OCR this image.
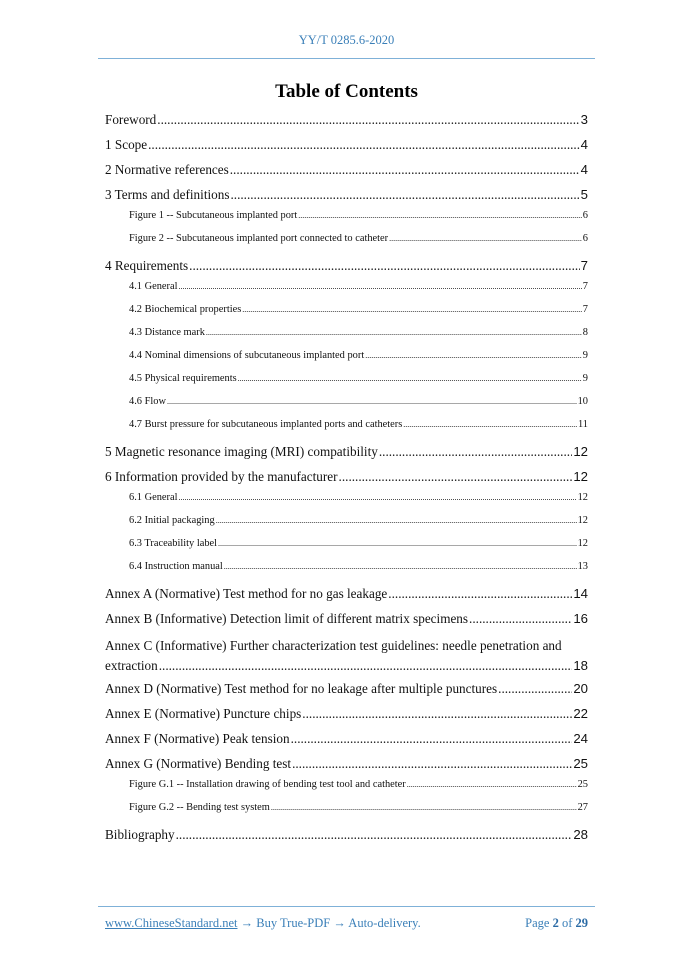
YY/T 0285.6-2020
Table of Contents
Foreword .....	3
1 Scope .....	4
2 Normative references .....	4
3 Terms and definitions .....	5
Figure 1 -- Subcutaneous implanted port .....	6
Figure 2 -- Subcutaneous implanted port connected to catheter .....	6
4 Requirements .....	7
4.1 General .....	7
4.2 Biochemical properties .....	7
4.3 Distance mark .....	8
4.4 Nominal dimensions of subcutaneous implanted port .....	9
4.5 Physical requirements .....	9
4.6 Flow .....	10
4.7 Burst pressure for subcutaneous implanted ports and catheters .....	11
5 Magnetic resonance imaging (MRI) compatibility .....	12
6 Information provided by the manufacturer .....	12
6.1 General .....	12
6.2 Initial packaging .....	12
6.3 Traceability label .....	12
6.4 Instruction manual .....	13
Annex A (Normative) Test method for no gas leakage .....	14
Annex B (Informative) Detection limit of different matrix specimens .....	16
Annex C (Informative) Further characterization test guidelines: needle penetration and
extraction .....	18
Annex D (Normative) Test method for no leakage after multiple punctures .....	20
Annex E (Normative) Puncture chips .....	22
Annex F (Normative) Peak tension .....	24
Annex G (Normative) Bending test .....	25
Figure G.1 -- Installation drawing of bending test tool and catheter .....	25
Figure G.2 -- Bending test system .....	27
Bibliography .....	28
www.ChineseStandard.net → Buy True-PDF → Auto-delivery.	Page 2 of 29
